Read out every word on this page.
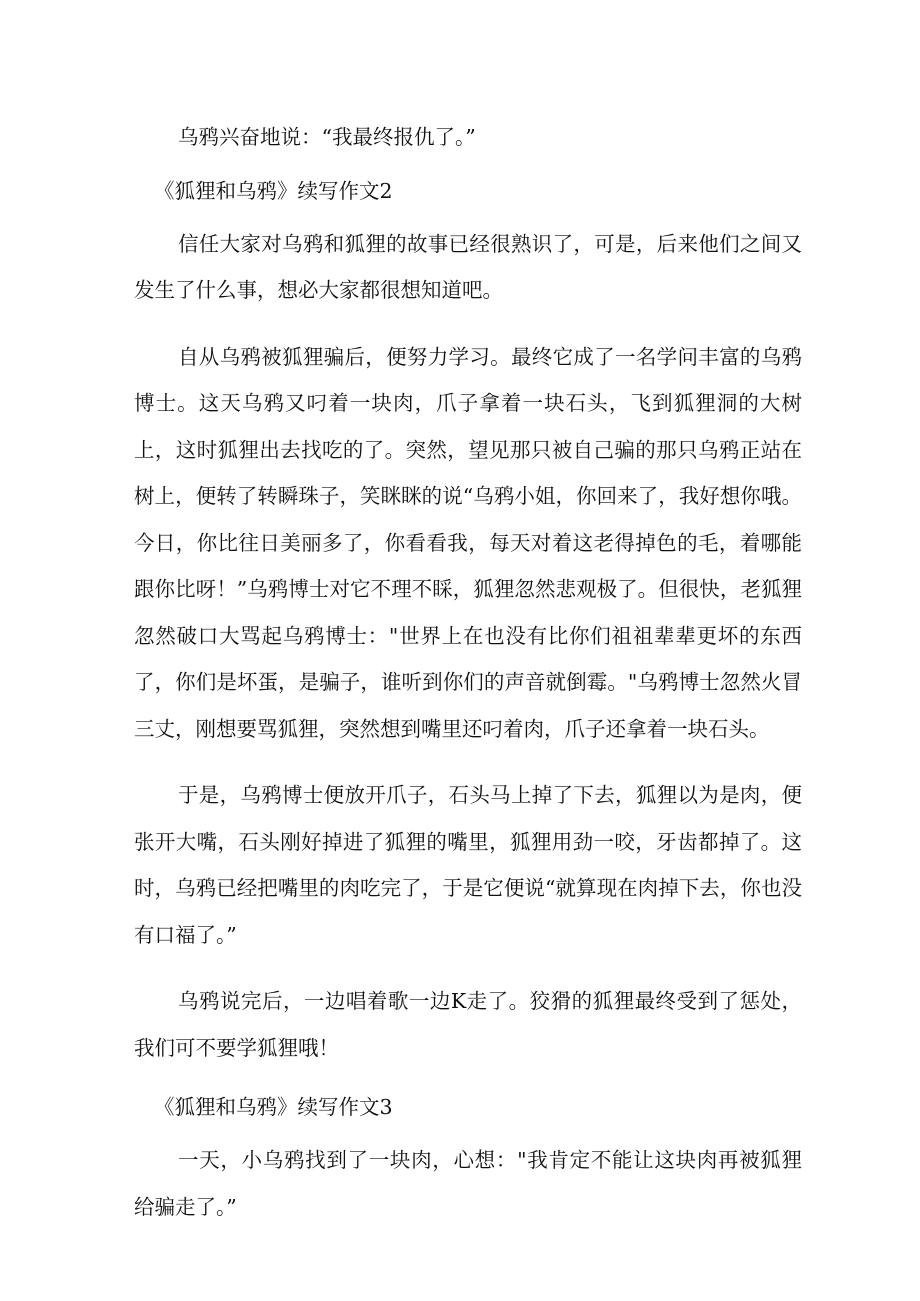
乌鸦兴奋地说：“我最终报仇了。”

《狐狸和乌鸦》续写作文2

信任大家对乌鸦和狐狸的故事已经很熟识了，可是，后来他们之间又发生了什么事，想必大家都很想知道吧。

自从乌鸦被狐狸骗后，便努力学习。最终它成了一名学问丰富的乌鸦博士。这天乌鸦又叼着一块肉，爪子拿着一块石头，飞到狐狸洞的大树上，这时狐狸出去找吃的了。突然，望见那只被自己骗的那只乌鸦正站在树上，便转了转瞬珠子，笑眯眯的说“乌鸦小姐，你回来了，我好想你哦。今日，你比往日美丽多了，你看看我，每天对着这老得掉色的毛，着哪能跟你比呀！”乌鸦博士对它不理不睬，狐狸忽然悲观极了。但很快，老狐狸忽然破口大骂起乌鸦博士："世界上在也没有比你们祖祖辈辈更坏的东西了，你们是坏蛋，是骗子，谁听到你们的声音就倒霉。"乌鸦博士忽然火冒三丈，刚想要骂狐狸，突然想到嘴里还叼着肉，爪子还拿着一块石头。

于是，乌鸦博士便放开爪子，石头马上掉了下去，狐狸以为是肉，便张开大嘴，石头刚好掉进了狐狸的嘴里，狐狸用劲一咬，牙齿都掉了。这时，乌鸦已经把嘴里的肉吃完了，于是它便说“就算现在肉掉下去，你也没有口福了。”

乌鸦说完后，一边唱着歌一边K走了。狡猾的狐狸最终受到了惩处，我们可不要学狐狸哦！

《狐狸和乌鸦》续写作文3

一天，小乌鸦找到了一块肉，心想："我肯定不能让这块肉再被狐狸给骗走了。”
